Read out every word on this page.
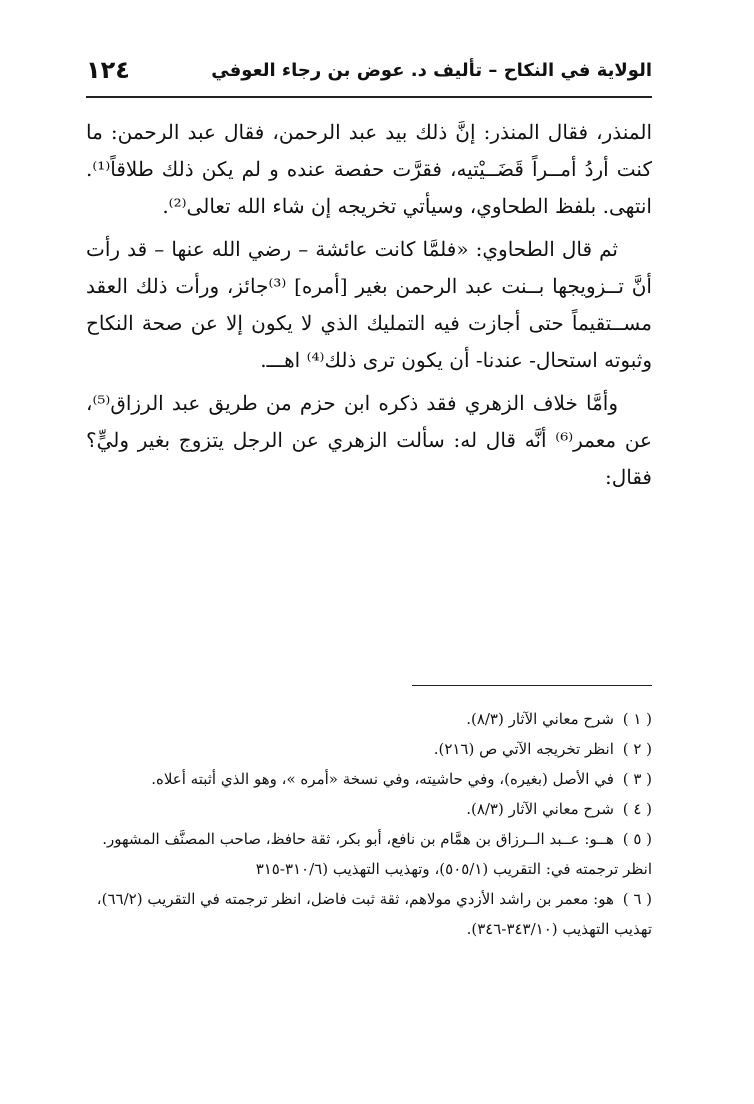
الولاية في النكاح – تأليف د. عوض بن رجاء العوفي
١٢٤

المنذر، فقال المنذر: إنَّ ذلك بيد عبد الرحمن، فقال عبد الرحمن: ما كنت أردُ أمــراً قَضَــيْتيه، فقرَّت حفصة عنده و لم يكن ذلك طلاقاً⁽¹⁾. انتهى. بلفظ الطحاوي، وسيأتي تخريجه إن شاء الله تعالى⁽²⁾.

ثم قال الطحاوي: «فلمَّا كانت عائشة – رضي الله عنها – قد رأت أنَّ تــزويجها بــنت عبد الرحمن بغير [أمره] ⁽³⁾جائز، ورأت ذلك العقد مســتقيماً حتى أجازت فيه التمليك الذي لا يكون إلا عن صحة النكاح وثبوته استحال- عندنا- أن يكون ترى ذلك⁽⁴⁾ اهـــ.

وأمَّا خلاف الزهري فقد ذكره ابن حزم من طريق عبد الرزاق⁽⁵⁾، عن معمر⁽⁶⁾ أنَّه قال له: سألت الزهري عن الرجل يتزوج بغير وليٍّ؟ فقال:

( ١ ) شرح معاني الآثار (٨/٣).

( ٢ ) انظر تخريجه الآتي ص (٢١٦).

( ٣ ) في الأصل (بغيره)، وفي حاشيته، وفي نسخة «أمره »، وهو الذي أثبته أعلاه.

( ٤ ) شرح معاني الآثار (٨/٣).

( ٥ ) هــو: عــبد الــرزاق بن همَّام بن نافع، أبو بكر، ثقة حافظ، صاحب المصنَّف المشهور. انظر ترجمته في: التقريب (٥٠٥/١)، وتهذيب التهذيب (٣١٠/٦-٣١٥

( ٦ ) هو: معمر بن راشد الأزدي مولاهم، ثقة ثبت فاضل، انظر ترجمته في التقريب (٦٦/٢)، تهذيب التهذيب (٣٤٣/١٠-٣٤٦).
